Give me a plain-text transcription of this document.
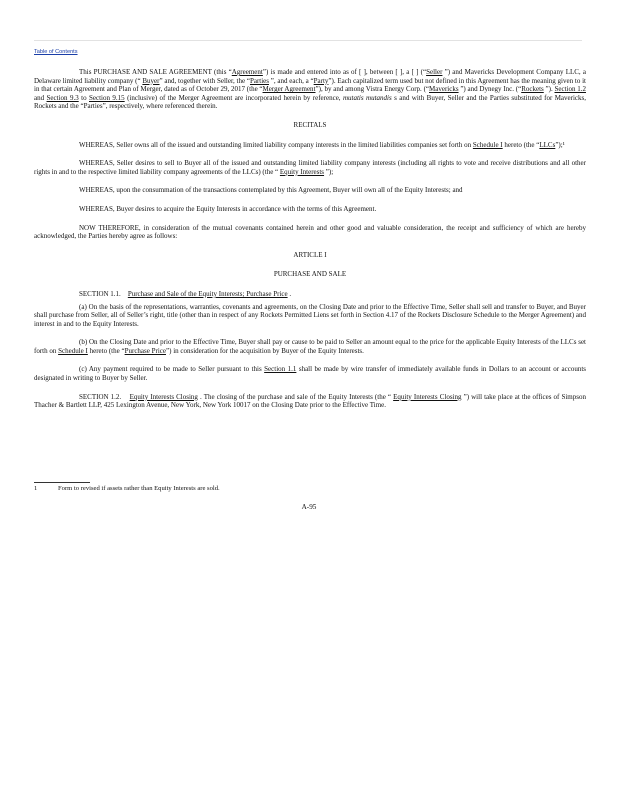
Table of Contents

This PURCHASE AND SALE AGREEMENT (this “Agreement”) is made and entered into as of [ ], between [ ], a [ ] (“Seller ”) and Mavericks Development Company LLC, a Delaware limited liability company (“ Buyer” and, together with Seller, the “Parties ”, and each, a “Party”). Each capitalized term used but not defined in this Agreement has the meaning given to it in that certain Agreement and Plan of Merger, dated as of October 29, 2017 (the “Merger Agreement”), by and among Vistra Energy Corp. (“Mavericks ”) and Dynegy Inc. (“Rockets ”). Section 1.2 and Section 9.3 to Section 9.15 (inclusive) of the Merger Agreement are incorporated herein by reference, mutatis mutandis s and with Buyer, Seller and the Parties substituted for Mavericks, Rockets and the “Parties”, respectively, where referenced therein.

RECITALS

WHEREAS, Seller owns all of the issued and outstanding limited liability company interests in the limited liabilities companies set forth on Schedule I hereto (the “LLCs”);¹

WHEREAS, Seller desires to sell to Buyer all of the issued and outstanding limited liability company interests (including all rights to vote and receive distributions and all other rights in and to the respective limited liability company agreements of the LLCs) (the “ Equity Interests ”);

WHEREAS, upon the consummation of the transactions contemplated by this Agreement, Buyer will own all of the Equity Interests; and

WHEREAS, Buyer desires to acquire the Equity Interests in accordance with the terms of this Agreement.

NOW THEREFORE, in consideration of the mutual covenants contained herein and other good and valuable consideration, the receipt and sufficiency of which are hereby acknowledged, the Parties hereby agree as follows:

ARTICLE I

PURCHASE AND SALE

SECTION 1.1. Purchase and Sale of the Equity Interests; Purchase Price .

(a) On the basis of the representations, warranties, covenants and agreements, on the Closing Date and prior to the Effective Time, Seller shall sell and transfer to Buyer, and Buyer shall purchase from Seller, all of Seller’s right, title (other than in respect of any Rockets Permitted Liens set forth in Section 4.17 of the Rockets Disclosure Schedule to the Merger Agreement) and interest in and to the Equity Interests.

(b) On the Closing Date and prior to the Effective Time, Buyer shall pay or cause to be paid to Seller an amount equal to the price for the applicable Equity Interests of the LLCs set forth on Schedule I hereto (the “Purchase Price”) in consideration for the acquisition by Buyer of the Equity Interests.

(c) Any payment required to be made to Seller pursuant to this Section 1.1 shall be made by wire transfer of immediately available funds in Dollars to an account or accounts designated in writing to Buyer by Seller.

SECTION 1.2. Equity Interests Closing . The closing of the purchase and sale of the Equity Interests (the “ Equity Interests Closing ”) will take place at the offices of Simpson Thacher & Bartlett LLP, 425 Lexington Avenue, New York, New York 10017 on the Closing Date prior to the Effective Time.

1	Form to revised if assets rather than Equity Interests are sold.
A-95
